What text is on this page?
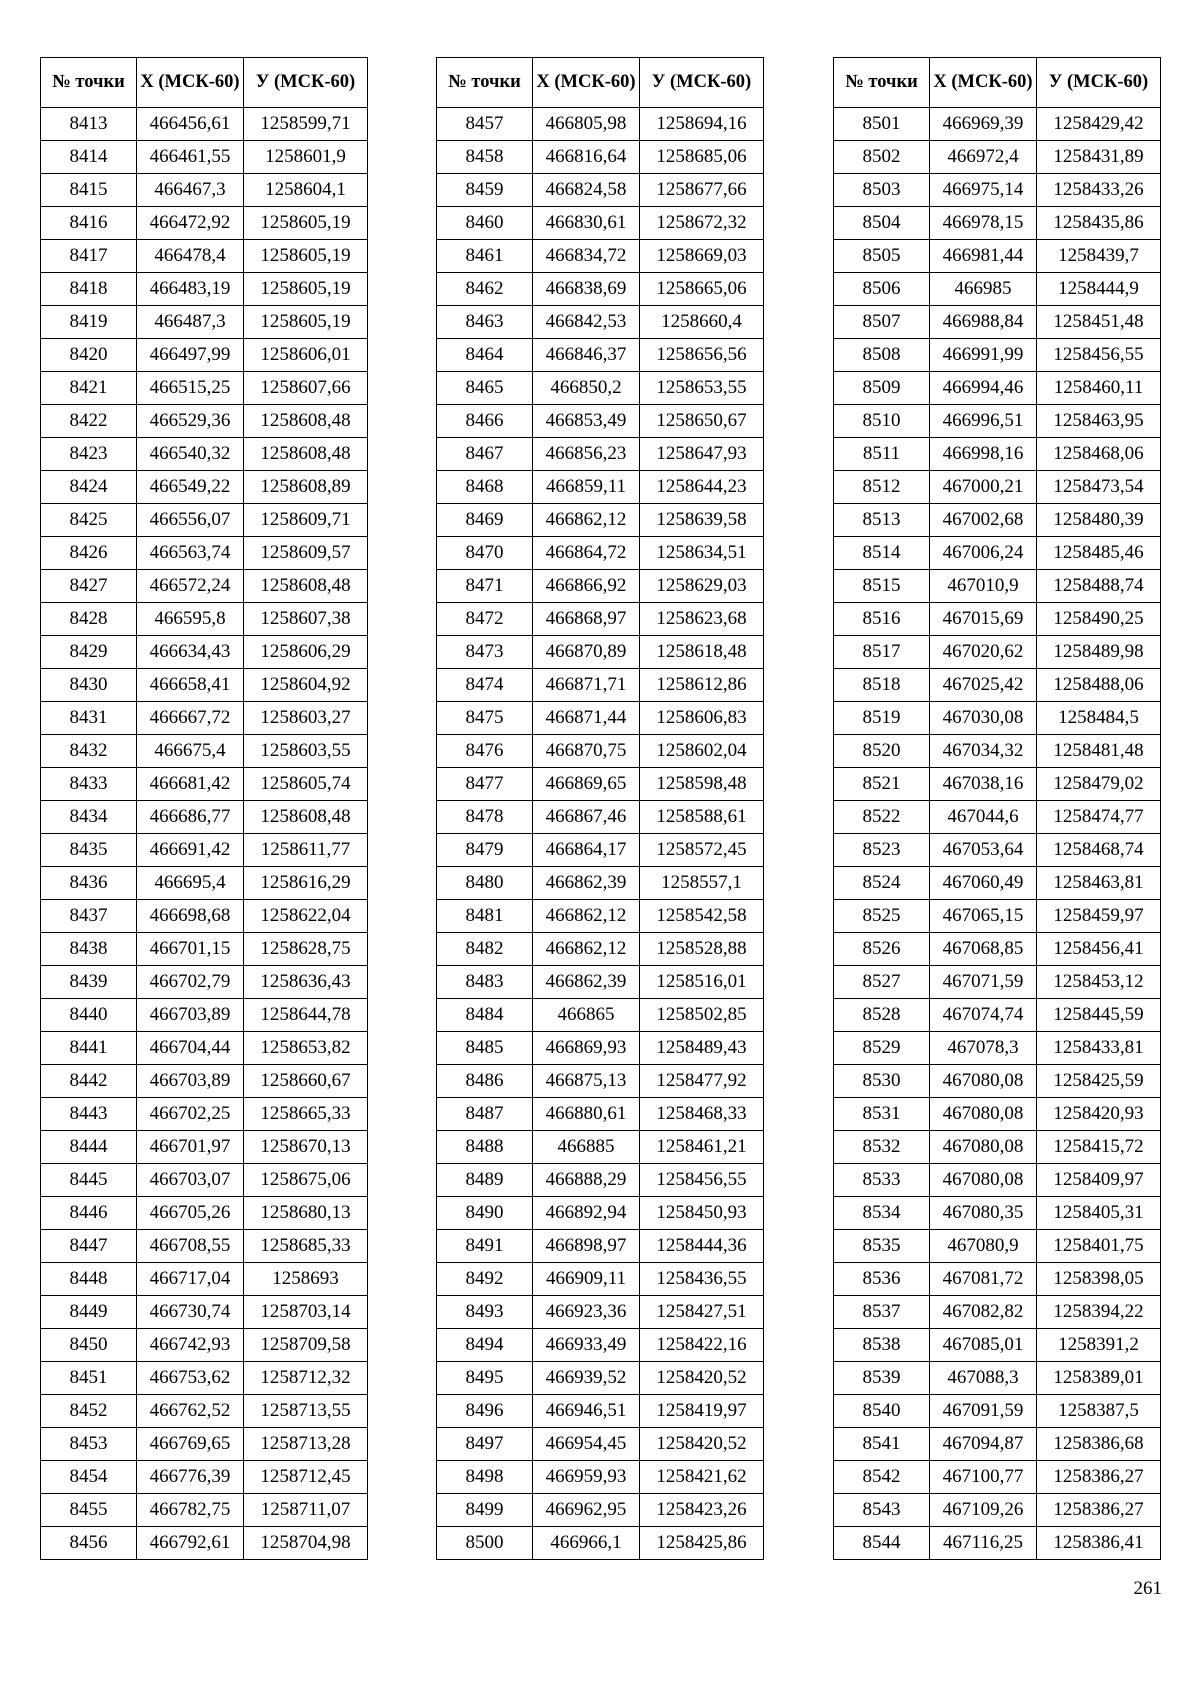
№ точки	X (МСК-60)	У (МСК-60)
8413	466456,61	1258599,71
8414	466461,55	1258601,9
8415	466467,3	1258604,1
8416	466472,92	1258605,19
8417	466478,4	1258605,19
8418	466483,19	1258605,19
8419	466487,3	1258605,19
8420	466497,99	1258606,01
8421	466515,25	1258607,66
8422	466529,36	1258608,48
8423	466540,32	1258608,48
8424	466549,22	1258608,89
8425	466556,07	1258609,71
8426	466563,74	1258609,57
8427	466572,24	1258608,48
8428	466595,8	1258607,38
8429	466634,43	1258606,29
8430	466658,41	1258604,92
8431	466667,72	1258603,27
8432	466675,4	1258603,55
8433	466681,42	1258605,74
8434	466686,77	1258608,48
8435	466691,42	1258611,77
8436	466695,4	1258616,29
8437	466698,68	1258622,04
8438	466701,15	1258628,75
8439	466702,79	1258636,43
8440	466703,89	1258644,78
8441	466704,44	1258653,82
8442	466703,89	1258660,67
8443	466702,25	1258665,33
8444	466701,97	1258670,13
8445	466703,07	1258675,06
8446	466705,26	1258680,13
8447	466708,55	1258685,33
8448	466717,04	1258693
8449	466730,74	1258703,14
8450	466742,93	1258709,58
8451	466753,62	1258712,32
8452	466762,52	1258713,55
8453	466769,65	1258713,28
8454	466776,39	1258712,45
8455	466782,75	1258711,07
8456	466792,61	1258704,98
№ точки	X (МСК-60)	У (МСК-60)
8457	466805,98	1258694,16
8458	466816,64	1258685,06
8459	466824,58	1258677,66
8460	466830,61	1258672,32
8461	466834,72	1258669,03
8462	466838,69	1258665,06
8463	466842,53	1258660,4
8464	466846,37	1258656,56
8465	466850,2	1258653,55
8466	466853,49	1258650,67
8467	466856,23	1258647,93
8468	466859,11	1258644,23
8469	466862,12	1258639,58
8470	466864,72	1258634,51
8471	466866,92	1258629,03
8472	466868,97	1258623,68
8473	466870,89	1258618,48
8474	466871,71	1258612,86
8475	466871,44	1258606,83
8476	466870,75	1258602,04
8477	466869,65	1258598,48
8478	466867,46	1258588,61
8479	466864,17	1258572,45
8480	466862,39	1258557,1
8481	466862,12	1258542,58
8482	466862,12	1258528,88
8483	466862,39	1258516,01
8484	466865	1258502,85
8485	466869,93	1258489,43
8486	466875,13	1258477,92
8487	466880,61	1258468,33
8488	466885	1258461,21
8489	466888,29	1258456,55
8490	466892,94	1258450,93
8491	466898,97	1258444,36
8492	466909,11	1258436,55
8493	466923,36	1258427,51
8494	466933,49	1258422,16
8495	466939,52	1258420,52
8496	466946,51	1258419,97
8497	466954,45	1258420,52
8498	466959,93	1258421,62
8499	466962,95	1258423,26
8500	466966,1	1258425,86
№ точки	X (МСК-60)	У (МСК-60)
8501	466969,39	1258429,42
8502	466972,4	1258431,89
8503	466975,14	1258433,26
8504	466978,15	1258435,86
8505	466981,44	1258439,7
8506	466985	1258444,9
8507	466988,84	1258451,48
8508	466991,99	1258456,55
8509	466994,46	1258460,11
8510	466996,51	1258463,95
8511	466998,16	1258468,06
8512	467000,21	1258473,54
8513	467002,68	1258480,39
8514	467006,24	1258485,46
8515	467010,9	1258488,74
8516	467015,69	1258490,25
8517	467020,62	1258489,98
8518	467025,42	1258488,06
8519	467030,08	1258484,5
8520	467034,32	1258481,48
8521	467038,16	1258479,02
8522	467044,6	1258474,77
8523	467053,64	1258468,74
8524	467060,49	1258463,81
8525	467065,15	1258459,97
8526	467068,85	1258456,41
8527	467071,59	1258453,12
8528	467074,74	1258445,59
8529	467078,3	1258433,81
8530	467080,08	1258425,59
8531	467080,08	1258420,93
8532	467080,08	1258415,72
8533	467080,08	1258409,97
8534	467080,35	1258405,31
8535	467080,9	1258401,75
8536	467081,72	1258398,05
8537	467082,82	1258394,22
8538	467085,01	1258391,2
8539	467088,3	1258389,01
8540	467091,59	1258387,5
8541	467094,87	1258386,68
8542	467100,77	1258386,27
8543	467109,26	1258386,27
8544	467116,25	1258386,41
261
